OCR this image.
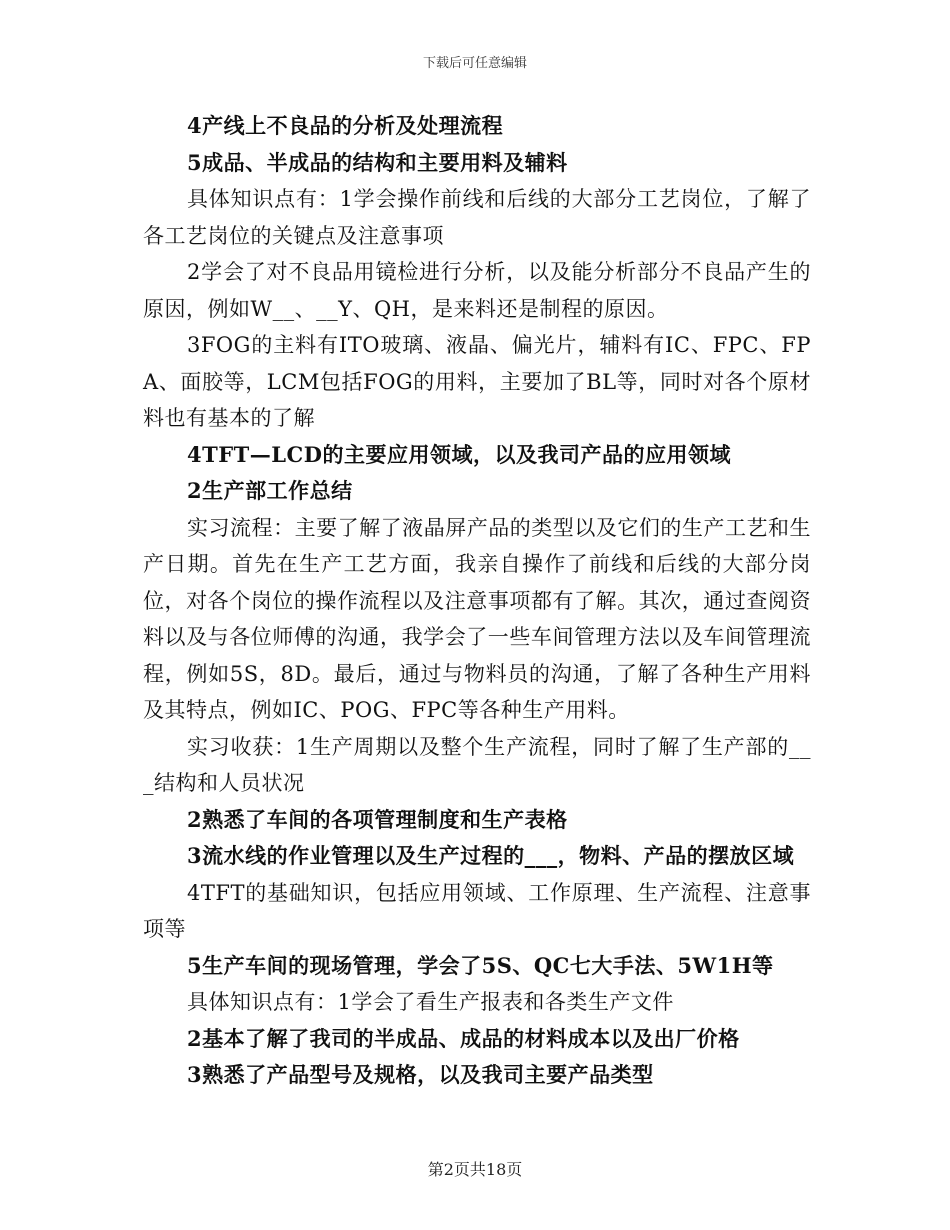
下载后可任意编辑

4产线上不良品的分析及处理流程

5成品、半成品的结构和主要用料及辅料

具体知识点有：1学会操作前线和后线的大部分工艺岗位，了解了各工艺岗位的关键点及注意事项

2学会了对不良品用镜检进行分析，以及能分析部分不良品产生的原因，例如W__、__Y、QH，是来料还是制程的原因。

3FOG的主料有ITO玻璃、液晶、偏光片，辅料有IC、FPC、FPA、面胶等，LCM包括FOG的用料，主要加了BL等，同时对各个原材料也有基本的了解

4TFT—LCD的主要应用领域，以及我司产品的应用领域

2生产部工作总结

实习流程：主要了解了液晶屏产品的类型以及它们的生产工艺和生产日期。首先在生产工艺方面，我亲自操作了前线和后线的大部分岗位，对各个岗位的操作流程以及注意事项都有了解。其次，通过查阅资料以及与各位师傅的沟通，我学会了一些车间管理方法以及车间管理流程，例如5S，8D。最后，通过与物料员的沟通，了解了各种生产用料及其特点，例如IC、POG、FPC等各种生产用料。

实习收获：1生产周期以及整个生产流程，同时了解了生产部的___结构和人员状况

2熟悉了车间的各项管理制度和生产表格

3流水线的作业管理以及生产过程的___，物料、产品的摆放区域

4TFT的基础知识，包括应用领域、工作原理、生产流程、注意事项等

5生产车间的现场管理，学会了5S、QC七大手法、5W1H等

具体知识点有：1学会了看生产报表和各类生产文件

2基本了解了我司的半成品、成品的材料成本以及出厂价格

3熟悉了产品型号及规格，以及我司主要产品类型

第2页共18页
